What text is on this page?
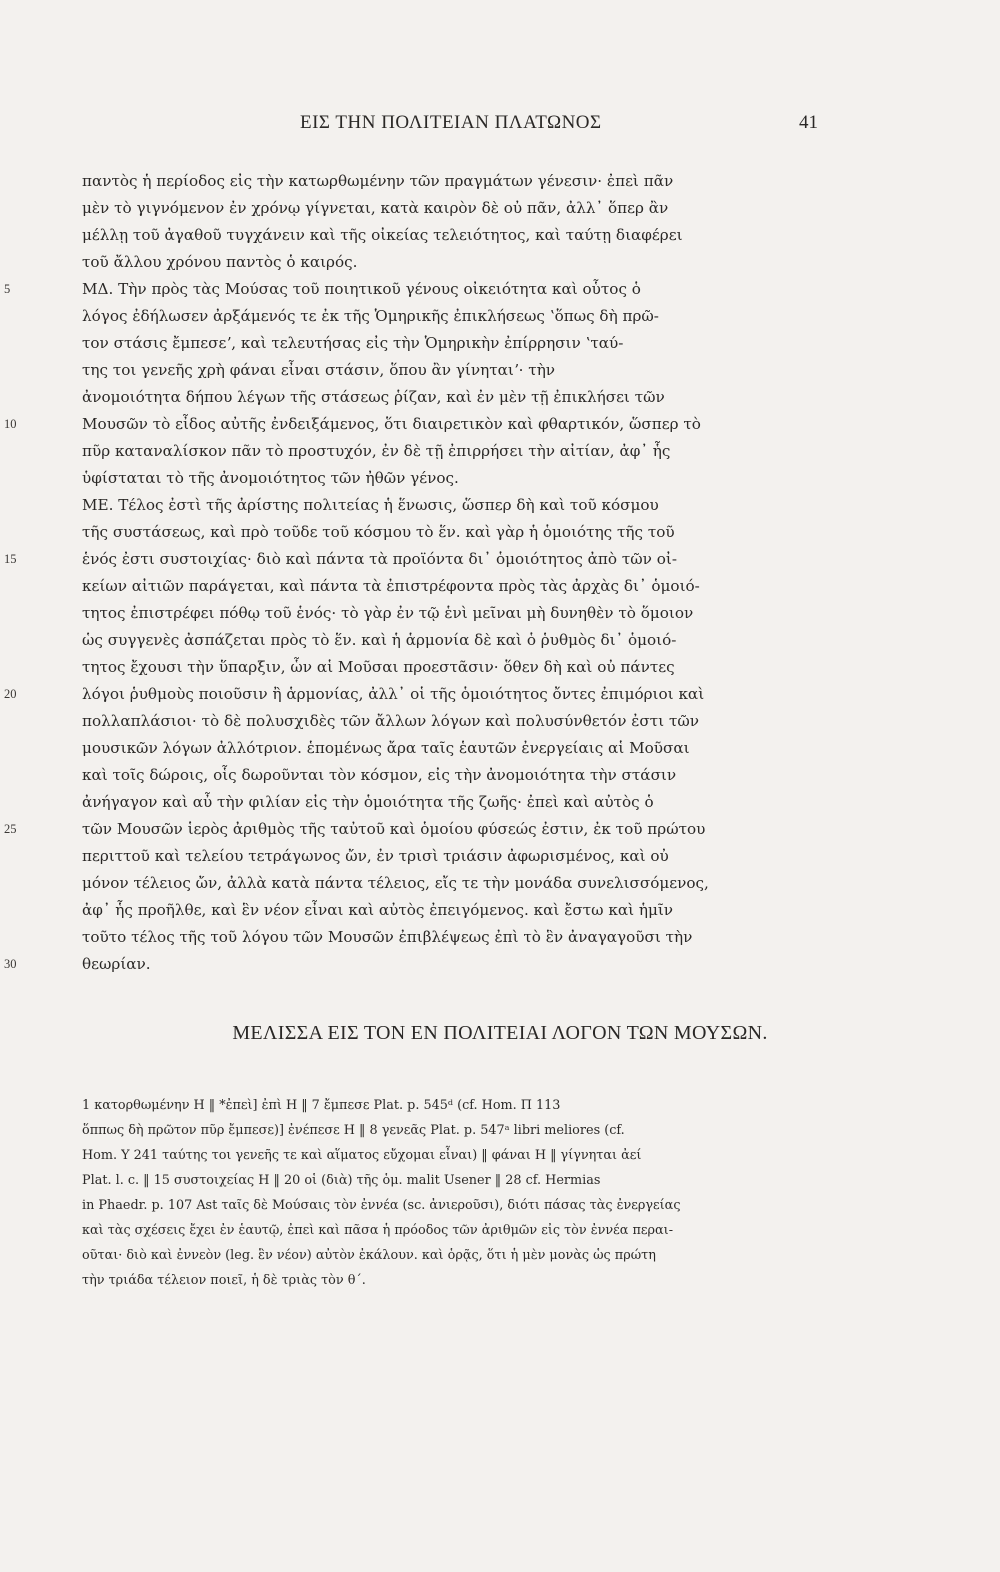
ΕΙΣ ΤΗΝ ΠΟΛΙΤΕΙΑΝ ΠΛΑΤΩΝΟΣ	41
παντὸς ἡ περίοδος εἰς τὴν κατωρθωμένην τῶν πραγμάτων γένεσιν· ἐπεὶ πᾶν
μὲν τὸ γιγνόμενον ἐν χρόνῳ γίγνεται, κατὰ καιρὸν δὲ οὐ πᾶν, ἀλλ᾽ ὅπερ ἂν
μέλλῃ τοῦ ἀγαθοῦ τυγχάνειν καὶ τῆς οἰκείας τελειότητος, καὶ ταύτῃ διαφέρει
τοῦ ἄλλου χρόνου παντὸς ὁ καιρός.
5	ΜΔ. Τὴν πρὸς τὰς Μούσας τοῦ ποιητικοῦ γένους οἰκειότητα καὶ οὗτος ὁ
λόγος ἐδήλωσεν ἀρξάμενός τε ἐκ τῆς Ὁμηρικῆς ἐπικλήσεως ʽὅπως δὴ πρῶ-
τον στάσις ἔμπεσεʼ, καὶ τελευτήσας εἰς τὴν Ὁμηρικὴν ἐπίρρησιν ʽταύ-
της τοι γενεῆς χρὴ φάναι εἶναι στάσιν, ὅπου ἂν γίνηταιʼ· τὴν
ἀνομοιότητα δήπου λέγων τῆς στάσεως ῥίζαν, καὶ ἐν μὲν τῇ ἐπικλήσει τῶν
10	Μουσῶν τὸ εἶδος αὐτῆς ἐνδειξάμενος, ὅτι διαιρετικὸν καὶ φθαρτικόν, ὥσπερ τὸ
πῦρ καταναλίσκον πᾶν τὸ προστυχόν, ἐν δὲ τῇ ἐπιρρήσει τὴν αἰτίαν, ἀφ᾽ ἧς
ὑφίσταται τὸ τῆς ἀνομοιότητος τῶν ἠθῶν γένος.
ΜΕ. Τέλος ἐστὶ τῆς ἀρίστης πολιτείας ἡ ἕνωσις, ὥσπερ δὴ καὶ τοῦ κόσμου
τῆς συστάσεως, καὶ πρὸ τοῦδε τοῦ κόσμου τὸ ἕν. καὶ γὰρ ἡ ὁμοιότης τῆς τοῦ
15	ἑνός ἐστι συστοιχίας· διὸ καὶ πάντα τὰ προϊόντα δι᾽ ὁμοιότητος ἀπὸ τῶν οἰ-
κείων αἰτιῶν παράγεται, καὶ πάντα τὰ ἐπιστρέφοντα πρὸς τὰς ἀρχὰς δι᾽ ὁμοιό-
τητος ἐπιστρέφει πόθῳ τοῦ ἑνός· τὸ γὰρ ἐν τῷ ἑνὶ μεῖναι μὴ δυνηθὲν τὸ ὅμοιον
ὡς συγγενὲς ἀσπάζεται πρὸς τὸ ἕν. καὶ ἡ ἁρμονία δὲ καὶ ὁ ῥυθμὸς δι᾽ ὁμοιό-
τητος ἔχουσι τὴν ὕπαρξιν, ὧν αἱ Μοῦσαι προεστᾶσιν· ὅθεν δὴ καὶ οὐ πάντες
20	λόγοι ῥυθμοὺς ποιοῦσιν ἢ ἁρμονίας, ἀλλ᾽ οἱ τῆς ὁμοιότητος ὄντες ἐπιμόριοι καὶ
πολλαπλάσιοι· τὸ δὲ πολυσχιδὲς τῶν ἄλλων λόγων καὶ πολυσύνθετόν ἐστι τῶν
μουσικῶν λόγων ἀλλότριον. ἑπομένως ἄρα ταῖς ἑαυτῶν ἐνεργείαις αἱ Μοῦσαι
καὶ τοῖς δώροις, οἷς δωροῦνται τὸν κόσμον, εἰς τὴν ἀνομοιότητα τὴν στάσιν
ἀνήγαγον καὶ αὖ τὴν φιλίαν εἰς τὴν ὁμοιότητα τῆς ζωῆς· ἐπεὶ καὶ αὐτὸς ὁ
25	τῶν Μουσῶν ἱερὸς ἀριθμὸς τῆς ταὐτοῦ καὶ ὁμοίου φύσεώς ἐστιν, ἐκ τοῦ πρώτου
περιττοῦ καὶ τελείου τετράγωνος ὤν, ἐν τρισὶ τριάσιν ἀφωρισμένος, καὶ οὐ
μόνον τέλειος ὤν, ἀλλὰ κατὰ πάντα τέλειος, εἴς τε τὴν μονάδα συνελισσόμενος,
ἀφ᾽ ἧς προῆλθε, καὶ ἓν νέον εἶναι καὶ αὐτὸς ἐπειγόμενος. καὶ ἔστω καὶ ἡμῖν
τοῦτο τέλος τῆς τοῦ λόγου τῶν Μουσῶν ἐπιβλέψεως ἐπὶ τὸ ἓν ἀναγαγοῦσι τὴν
30	θεωρίαν.
ΜΕΛΙΣΣΑ ΕΙΣ ΤΟΝ ΕΝ ΠΟΛΙΤΕΙΑΙ ΛΟΓΟΝ ΤΩΝ ΜΟΥΣΩΝ.
1 κατορθωμένην H ‖ *ἐπεὶ] ἐπὶ H ‖ 7 ἔμπεσε Plat. p. 545ᵈ (cf. Hom. Π 113
ὅππως δὴ πρῶτον πῦρ ἔμπεσε)] ἐνέπεσε H ‖ 8 γενεᾶς Plat. p. 547ᵃ libri meliores (cf.
Hom. Υ 241 ταύτης τοι γενεῆς τε καὶ αἵματος εὔχομαι εἶναι) ‖ φάναι H ‖ γίγνηται ἀεί
Plat. l. c. ‖ 15 συστοιχείας H ‖ 20 οἱ (διὰ) τῆς ὁμ. malit Usener ‖ 28 cf. Hermias
in Phaedr. p. 107 Ast ταῖς δὲ Μούσαις τὸν ἐννέα (sc. ἀνιεροῦσι), διότι πάσας τὰς ἐνεργείας
καὶ τὰς σχέσεις ἔχει ἐν ἑαυτῷ, ἐπεὶ καὶ πᾶσα ἡ πρόοδος τῶν ἀριθμῶν εἰς τὸν ἐννέα περαι-
οῦται· διὸ καὶ ἐννεὸν (leg. ἓν νέον) αὐτὸν ἐκάλουν. καὶ ὁρᾷς, ὅτι ἡ μὲν μονὰς ὡς πρώτη
τὴν τριάδα τέλειον ποιεῖ, ἡ δὲ τριὰς τὸν θ΄.
